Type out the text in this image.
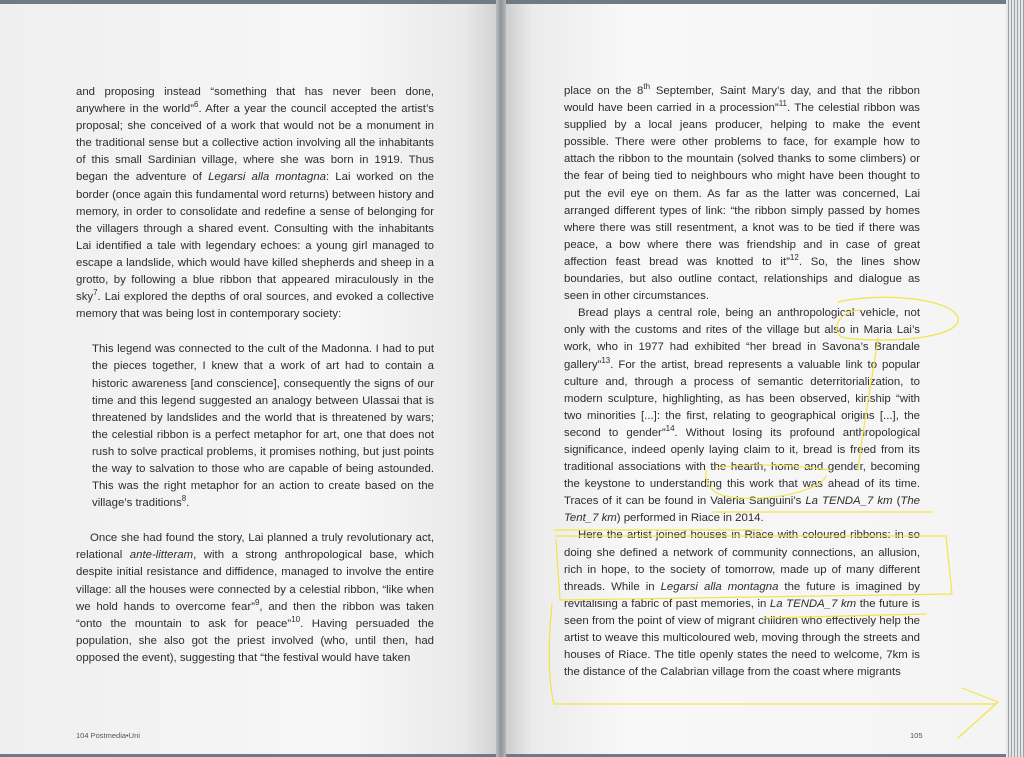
and proposing instead “something that has never been done, anywhere in the world”$^6$. After a year the council accepted the artist’s proposal; she conceived of a work that would not be a monument in the traditional sense but a collective action involving all the inhabitants of this small Sardinian village, where she was born in 1919. Thus began the adventure of Legarsi alla montagna: Lai worked on the border (once again this fundamental word returns) between history and memory, in order to consolidate and redefine a sense of belonging for the villagers through a shared event. Consulting with the inhabitants Lai identified a tale with legendary echoes: a young girl managed to escape a landslide, which would have killed shepherds and sheep in a grotto, by following a blue ribbon that appeared miraculously in the sky$^7$. Lai explored the depths of oral sources, and evoked a collective memory that was being lost in contemporary society:

This legend was connected to the cult of the Madonna. I had to put the pieces together, I knew that a work of art had to contain a historic awareness [and conscience], consequently the signs of our time and this legend suggested an analogy between Ulassai that is threatened by landslides and the world that is threatened by wars; the celestial ribbon is a perfect metaphor for art, one that does not rush to solve practical problems, it promises nothing, but just points the way to salvation to those who are capable of being astounded. This was the right metaphor for an action to create based on the village’s traditions$^8$.

Once she had found the story, Lai planned a truly revolutionary act, relational ante-litteram, with a strong anthropological base, which despite initial resistance and diffidence, managed to involve the entire village: all the houses were connected by a celestial ribbon, “like when we hold hands to overcome fear”$^9$, and then the ribbon was taken “onto the mountain to ask for peace”$^{10}$. Having persuaded the population, she also got the priest involved (who, until then, had opposed the event), suggesting that “the festival would have taken

104 Postmedia•Uni

place on the 8th September, Saint Mary’s day, and that the ribbon would have been carried in a procession”$^{11}$. The celestial ribbon was supplied by a local jeans producer, helping to make the event possible. There were other problems to face, for example how to attach the ribbon to the mountain (solved thanks to some climbers) or the fear of being tied to neighbours who might have been thought to put the evil eye on them. As far as the latter was concerned, Lai arranged different types of link: “the ribbon simply passed by homes where there was still resentment, a knot was to be tied if there was peace, a bow where there was friendship and in case of great affection feast bread was knotted to it”$^{12}$. So, the lines show boundaries, but also outline contact, relationships and dialogue as seen in other circumstances.

Bread plays a central role, being an anthropological vehicle, not only with the customs and rites of the village but also in Maria Lai’s work, who in 1977 had exhibited “her bread in Savona’s Brandale gallery”$^{13}$. For the artist, bread represents a valuable link to popular culture and, through a process of semantic deterritorialization, to modern sculpture, highlighting, as has been observed, kinship “with two minorities [...]: the first, relating to geographical origins [...], the second to gender”$^{14}$. Without losing its profound anthropological significance, indeed openly laying claim to it, bread is freed from its traditional associations with the hearth, home and gender, becoming the keystone to understanding this work that was ahead of its time. Traces of it can be found in Valeria Sanguini’s La TENDA_7 km (The Tent_7 km) performed in Riace in 2014.

Here the artist joined houses in Riace with coloured ribbons: in so doing she defined a network of community connections, an allusion, rich in hope, to the society of tomorrow, made up of many different threads. While in Legarsi alla montagna the future is imagined by revitalising a fabric of past memories, in La TENDA_7 km the future is seen from the point of view of migrant children who effectively help the artist to weave this multicoloured web, moving through the streets and houses of Riace. The title openly states the need to welcome, 7km is the distance of the Calabrian village from the coast where migrants

105
